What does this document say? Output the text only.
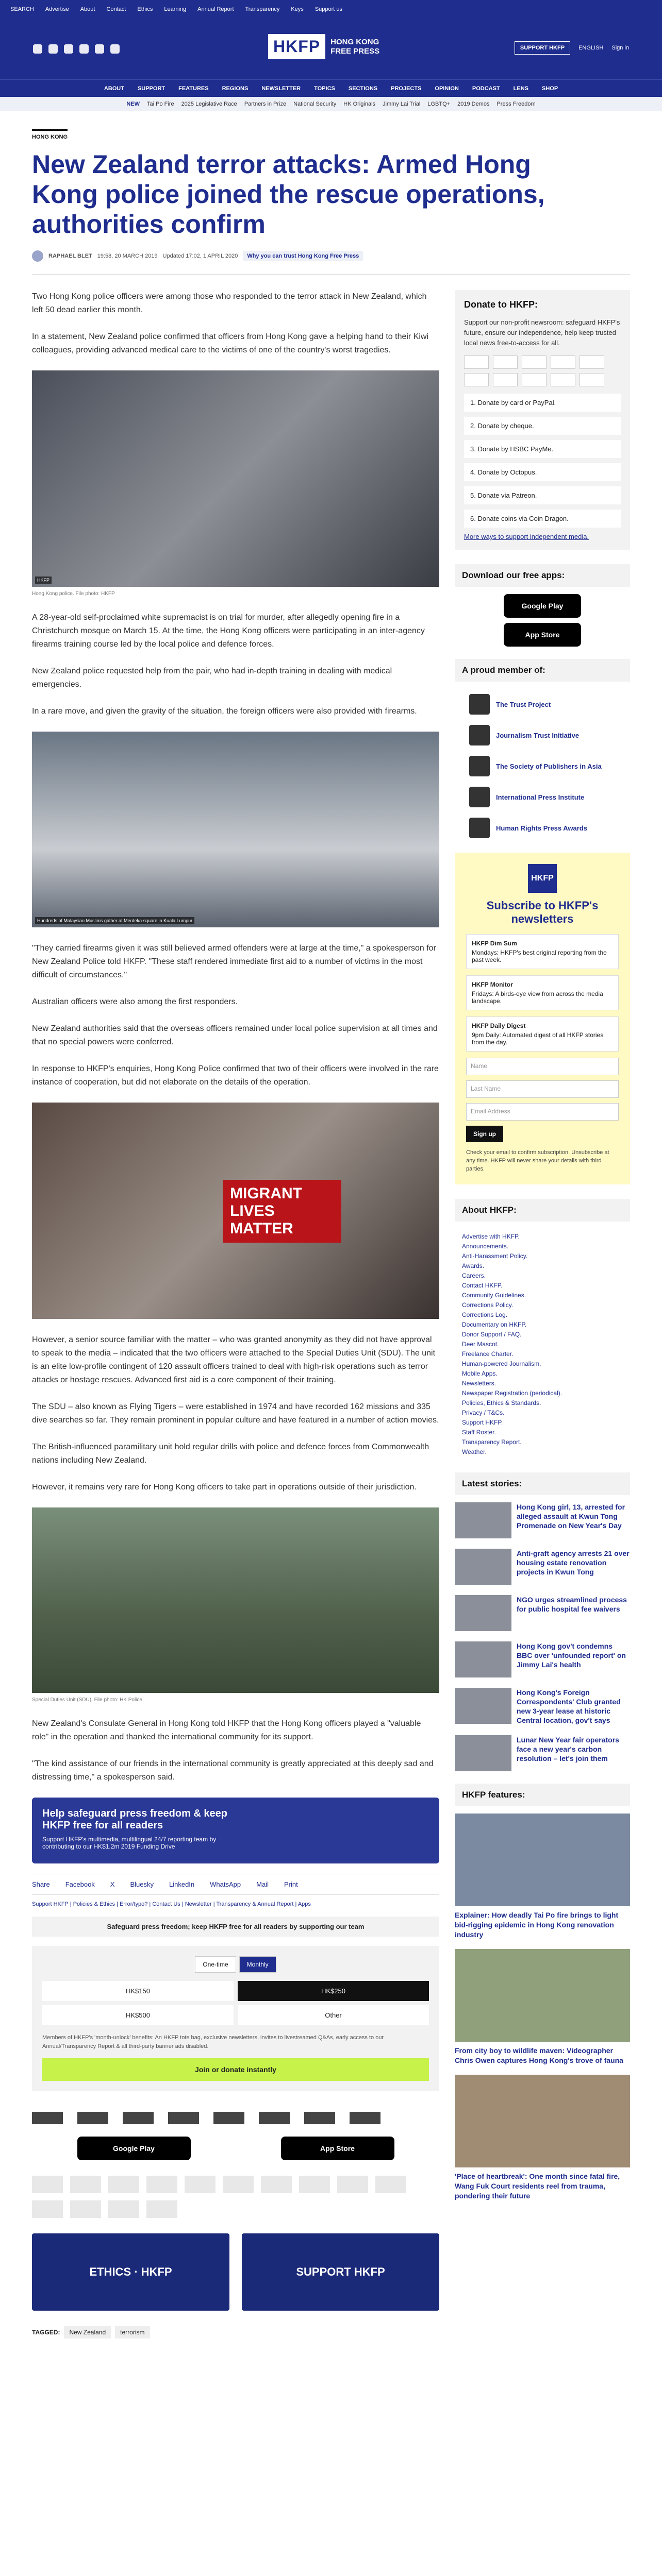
SEARCH Advertise About Contact Ethics Learning Annual Report Transparency Keys Support us
HKFP	HONG KONG
FREE PRESS	SUPPORT HKFP	ENGLISH Sign in
ABOUT SUPPORT FEATURES REGIONS NEWSLETTER TOPICS SECTIONS PROJECTS OPINION PODCAST LENS SHOP
NEW Tai Po Fire 2025 Legislative Race Partners in Prize National Security HK Originals Jimmy Lai Trial LGBTQ+ 2019 Demos Press Freedom
HONG KONG
New Zealand terror attacks: Armed Hong Kong police joined the rescue operations, authorities confirm
RAPHAEL BLET 19:58, 20 MARCH 2019 Updated 17:02, 1 APRIL 2020	Why you can trust Hong Kong Free Press

Two Hong Kong police officers were among those who responded to the terror attack in New Zealand, which left 50 dead earlier this month.

In a statement, New Zealand police confirmed that officers from Hong Kong gave a helping hand to their Kiwi colleagues, providing advanced medical care to the victims of one of the country's worst tragedies.

HKFP
Hong Kong police. File photo: HKFP

A 28-year-old self-proclaimed white supremacist is on trial for murder, after allegedly opening fire in a Christchurch mosque on March 15. At the time, the Hong Kong officers were participating in an inter-agency firearms training course led by the local police and defence forces.

New Zealand police requested help from the pair, who had in-depth training in dealing with medical emergencies.

In a rare move, and given the gravity of the situation, the foreign officers were also provided with firearms.

Hundreds of Malaysian Muslims gather at Merdeka square in Kuala Lumpur

"They carried firearms given it was still believed armed offenders were at large at the time," a spokesperson for New Zealand Police told HKFP. "These staff rendered immediate first aid to a number of victims in the most difficult of circumstances."

Australian officers were also among the first responders.

New Zealand authorities said that the overseas officers remained under local police supervision at all times and that no special powers were conferred.

In response to HKFP's enquiries, Hong Kong Police confirmed that two of their officers were involved in the rare instance of cooperation, but did not elaborate on the details of the operation.

MIGRANT LIVES MATTER

However, a senior source familiar with the matter – who was granted anonymity as they did not have approval to speak to the media – indicated that the two officers were attached to the Special Duties Unit (SDU). The unit is an elite low-profile contingent of 120 assault officers trained to deal with high-risk operations such as terror attacks or hostage rescues. Advanced first aid is a core component of their training.

The SDU – also known as Flying Tigers – were established in 1974 and have recorded 162 missions and 335 dive searches so far. They remain prominent in popular culture and have featured in a number of action movies.

The British-influenced paramilitary unit hold regular drills with police and defence forces from Commonwealth nations including New Zealand.

However, it remains very rare for Hong Kong officers to take part in operations outside of their jurisdiction.

Special Duties Unit (SDU). File photo: HK Police.

New Zealand's Consulate General in Hong Kong told HKFP that the Hong Kong officers played a "valuable role" in the operation and thanked the international community for its support.

"The kind assistance of our friends in the international community is greatly appreciated at this deeply sad and distressing time," a spokesperson said.

Help safeguard press freedom & keep HKFP free for all readers
Support HKFP's multimedia, multilingual 24/7 reporting team by contributing to our HK$1.2m 2019 Funding Drive
Share Facebook X Bluesky LinkedIn WhatsApp Mail Print
Support HKFP | Policies & Ethics | Error/typo? | Contact Us | Newsletter | Transparency & Annual Report | Apps
Safeguard press freedom; keep HKFP free for all readers by supporting our team
One-time	Monthly
HK$150	HK$250
HK$500	Other
Members of HKFP's 'month-unlock' benefits: An HKFP tote bag, exclusive newsletters, invites to livestreamed Q&As, early access to our Annual/Transparency Report & all third-party banner ads disabled.
Join or donate instantly
Google Play	App Store
ETHICS · HKFP	SUPPORT HKFP
TAGGED:	New Zealand	terrorism
Donate to HKFP:
Support our non-profit newsroom: safeguard HKFP's future, ensure our independence, help keep trusted local news free-to-access for all.
1. Donate by card or PayPal.
2. Donate by cheque.
3. Donate by HSBC PayMe.
4. Donate by Octopus.
5. Donate via Patreon.
6. Donate coins via Coin Dragon.
More ways to support independent media.
Download our free apps:
Google Play
App Store
A proud member of:
The Trust Project
Journalism Trust Initiative
The Society of Publishers in Asia
International Press Institute
Human Rights Press Awards
HKFP
Subscribe to HKFP's newsletters
HKFP Dim Sum
Mondays: HKFP's best original reporting from the past week.
HKFP Monitor
Fridays: A birds-eye view from across the media landscape.
HKFP Daily Digest
9pm Daily: Automated digest of all HKFP stories from the day.
Name
Last Name
Email Address
Sign up
Check your email to confirm subscription. Unsubscribe at any time. HKFP will never share your details with third parties.
About HKFP:
Advertise with HKFP.
Announcements.
Anti-Harassment Policy.
Awards.
Careers.
Contact HKFP.
Community Guidelines.
Corrections Policy.
Corrections Log.
Documentary on HKFP.
Donor Support / FAQ.
Deer Mascot.
Freelance Charter.
Human-powered Journalism.
Mobile Apps.
Newsletters.
Newspaper Registration (periodical).
Policies, Ethics & Standards.
Privacy / T&Cs.
Support HKFP.
Staff Roster.
Transparency Report.
Weather.
Latest stories:
Hong Kong girl, 13, arrested for alleged assault at Kwun Tong Promenade on New Year's Day
Anti-graft agency arrests 21 over housing estate renovation projects in Kwun Tong
NGO urges streamlined process for public hospital fee waivers
Hong Kong gov't condemns BBC over 'unfounded report' on Jimmy Lai's health
Hong Kong's Foreign Correspondents' Club granted new 3-year lease at historic Central location, gov't says
Lunar New Year fair operators face a new year's carbon resolution – let's join them
HKFP features:
Explainer: How deadly Tai Po fire brings to light bid-rigging epidemic in Hong Kong renovation industry
From city boy to wildlife maven: Videographer Chris Owen captures Hong Kong's trove of fauna
'Place of heartbreak': One month since fatal fire, Wang Fuk Court residents reel from trauma, pondering their future
